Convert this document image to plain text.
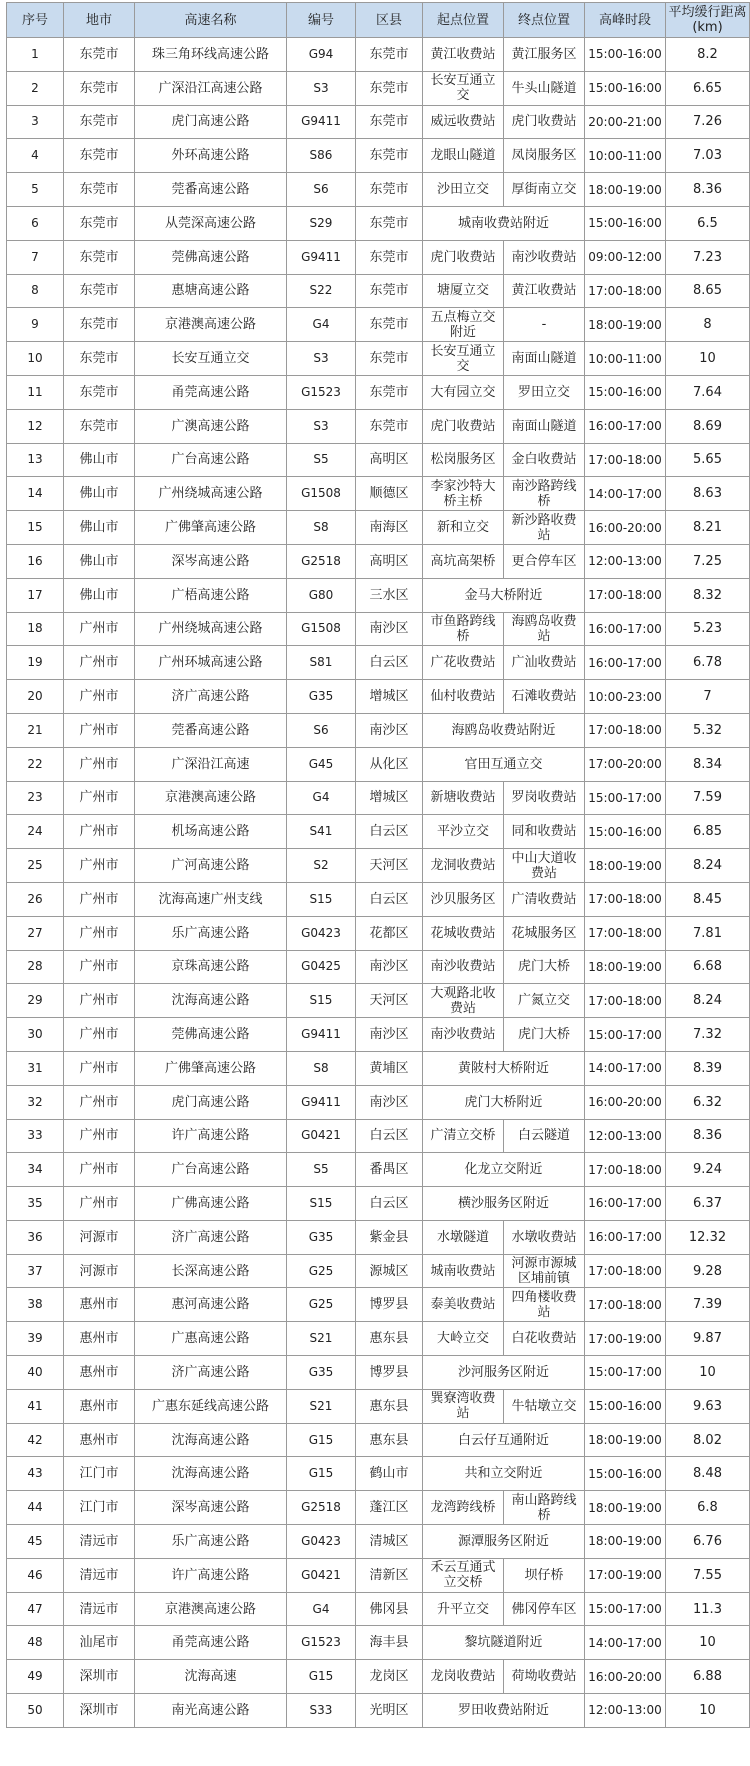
序号	地市	高速名称	编号	区县	起点位置	终点位置	高峰时段	平均缓行距离(km)
1	东莞市	珠三角环线高速公路	G94	东莞市	黄江收费站	黄江服务区	15:00-16:00	8.2
2	东莞市	广深沿江高速公路	S3	东莞市	长安互通立交	牛头山隧道	15:00-16:00	6.65
3	东莞市	虎门高速公路	G9411	东莞市	威远收费站	虎门收费站	20:00-21:00	7.26
4	东莞市	外环高速公路	S86	东莞市	龙眼山隧道	凤岗服务区	10:00-11:00	7.03
5	东莞市	莞番高速公路	S6	东莞市	沙田立交	厚街南立交	18:00-19:00	8.36
6	东莞市	从莞深高速公路	S29	东莞市	城南收费站附近		15:00-16:00	6.5
7	东莞市	莞佛高速公路	G9411	东莞市	虎门收费站	南沙收费站	09:00-12:00	7.23
8	东莞市	惠塘高速公路	S22	东莞市	塘厦立交	黄江收费站	17:00-18:00	8.65
9	东莞市	京港澳高速公路	G4	东莞市	五点梅立交附近	-	18:00-19:00	8
10	东莞市	长安互通立交	S3	东莞市	长安互通立交	南面山隧道	10:00-11:00	10
11	东莞市	甬莞高速公路	G1523	东莞市	大有园立交	罗田立交	15:00-16:00	7.64
12	东莞市	广澳高速公路	S3	东莞市	虎门收费站	南面山隧道	16:00-17:00	8.69
13	佛山市	广台高速公路	S5	高明区	松岗服务区	金白收费站	17:00-18:00	5.65
14	佛山市	广州绕城高速公路	G1508	顺德区	李家沙特大桥主桥	南沙路跨线桥	14:00-17:00	8.63
15	佛山市	广佛肇高速公路	S8	南海区	新和立交	新沙路收费站	16:00-20:00	8.21
16	佛山市	深岑高速公路	G2518	高明区	高坑高架桥	更合停车区	12:00-13:00	7.25
17	佛山市	广梧高速公路	G80	三水区	金马大桥附近		17:00-18:00	8.32
18	广州市	广州绕城高速公路	G1508	南沙区	市鱼路跨线桥	海鸥岛收费站	16:00-17:00	5.23
19	广州市	广州环城高速公路	S81	白云区	广花收费站	广汕收费站	16:00-17:00	6.78
20	广州市	济广高速公路	G35	增城区	仙村收费站	石滩收费站	10:00-23:00	7
21	广州市	莞番高速公路	S6	南沙区	海鸥岛收费站附近		17:00-18:00	5.32
22	广州市	广深沿江高速	G45	从化区	官田互通立交		17:00-20:00	8.34
23	广州市	京港澳高速公路	G4	增城区	新塘收费站	罗岗收费站	15:00-17:00	7.59
24	广州市	机场高速公路	S41	白云区	平沙立交	同和收费站	15:00-16:00	6.85
25	广州市	广河高速公路	S2	天河区	龙洞收费站	中山大道收费站	18:00-19:00	8.24
26	广州市	沈海高速广州支线	S15	白云区	沙贝服务区	广清收费站	17:00-18:00	8.45
27	广州市	乐广高速公路	G0423	花都区	花城收费站	花城服务区	17:00-18:00	7.81
28	广州市	京珠高速公路	G0425	南沙区	南沙收费站	虎门大桥	18:00-19:00	6.68
29	广州市	沈海高速公路	S15	天河区	大观路北收费站	广氮立交	17:00-18:00	8.24
30	广州市	莞佛高速公路	G9411	南沙区	南沙收费站	虎门大桥	15:00-17:00	7.32
31	广州市	广佛肇高速公路	S8	黄埔区	黄陂村大桥附近		14:00-17:00	8.39
32	广州市	虎门高速公路	G9411	南沙区	虎门大桥附近		16:00-20:00	6.32
33	广州市	许广高速公路	G0421	白云区	广清立交桥	白云隧道	12:00-13:00	8.36
34	广州市	广台高速公路	S5	番禺区	化龙立交附近		17:00-18:00	9.24
35	广州市	广佛高速公路	S15	白云区	横沙服务区附近		16:00-17:00	6.37
36	河源市	济广高速公路	G35	紫金县	水墩隧道	水墩收费站	16:00-17:00	12.32
37	河源市	长深高速公路	G25	源城区	城南收费站	河源市源城区埔前镇	17:00-18:00	9.28
38	惠州市	惠河高速公路	G25	博罗县	泰美收费站	四角楼收费站	17:00-18:00	7.39
39	惠州市	广惠高速公路	S21	惠东县	大岭立交	白花收费站	17:00-19:00	9.87
40	惠州市	济广高速公路	G35	博罗县	沙河服务区附近		15:00-17:00	10
41	惠州市	广惠东延线高速公路	S21	惠东县	巽寮湾收费站	牛牯墩立交	15:00-16:00	9.63
42	惠州市	沈海高速公路	G15	惠东县	白云仔互通附近		18:00-19:00	8.02
43	江门市	沈海高速公路	G15	鹤山市	共和立交附近		15:00-16:00	8.48
44	江门市	深岑高速公路	G2518	蓬江区	龙湾跨线桥	南山路跨线桥	18:00-19:00	6.8
45	清远市	乐广高速公路	G0423	清城区	源潭服务区附近		18:00-19:00	6.76
46	清远市	许广高速公路	G0421	清新区	禾云互通式立交桥	坝仔桥	17:00-19:00	7.55
47	清远市	京港澳高速公路	G4	佛冈县	升平立交	佛冈停车区	15:00-17:00	11.3
48	汕尾市	甬莞高速公路	G1523	海丰县	黎坑隧道附近		14:00-17:00	10
49	深圳市	沈海高速	G15	龙岗区	龙岗收费站	荷坳收费站	16:00-20:00	6.88
50	深圳市	南光高速公路	S33	光明区	罗田收费站附近		12:00-13:00	10
